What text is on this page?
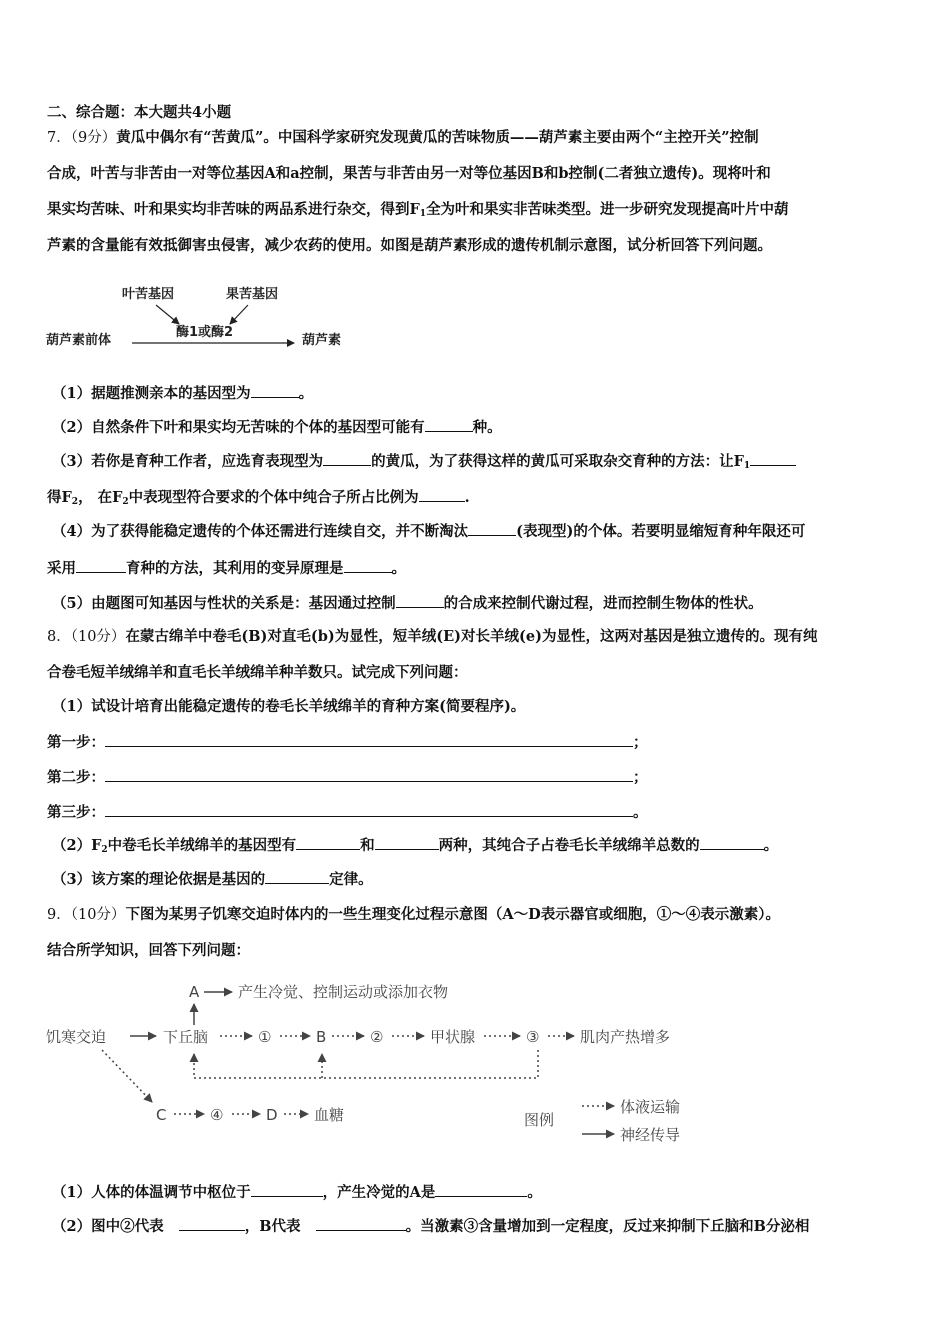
二、综合题：本大题共4小题
7．（9分）黄瓜中偶尔有“苦黄瓜”。中国科学家研究发现黄瓜的苦味物质——葫芦素主要由两个“主控开关”控制
合成，叶苦与非苦由一对等位基因A和a控制，果苦与非苦由另一对等位基因B和b控制(二者独立遗传)。现将叶和
果实均苦味、叶和果实均非苦味的两品系进行杂交，得到$F_1$全为叶和果实非苦味类型。进一步研究发现提高叶片中葫
芦素的含量能有效抵御害虫侵害，减少农药的使用。如图是葫芦素形成的遗传机制示意图，试分析回答下列问题。
叶苦基因	果苦基因
酶1或酶2
葫芦素前体	葫芦素
（1）据题推测亲本的基因型为	。
（2）自然条件下叶和果实均无苦味的个体的基因型可能有	种。
（3）若你是育种工作者，应选育表现型为	的黄瓜，为了获得这样的黄瓜可采取杂交育种的方法：让$F_1$
得$F_2$， 在$F_2$中表现型符合要求的个体中纯合子所占比例为	.
（4）为了获得能稳定遗传的个体还需进行连续自交，并不断淘汰	(表现型)的个体。若要明显缩短育种年限还可
采用	育种的方法，其利用的变异原理是	。
（5）由题图可知基因与性状的关系是：基因通过控制	的合成来控制代谢过程，进而控制生物体的性状。
8．（10分）在蒙古绵羊中卷毛(B)对直毛(b)为显性，短羊绒(E)对长羊绒(e)为显性，这两对基因是独立遗传的。现有纯
合卷毛短羊绒绵羊和直毛长羊绒绵羊种羊数只。试完成下列问题：
（1）试设计培育出能稳定遗传的卷毛长羊绒绵羊的育种方案(简要程序)。
第一步：	；
第二步：	；
第三步：	。
$(2)F_2$中卷毛长羊绒绵羊的基因型有	和	两种，其纯合子占卷毛长羊绒绵羊总数的	。
（3）该方案的理论依据是基因的	定律。
9．（10分）下图为某男子饥寒交迫时体内的一些生理变化过程示意图（A～D表示器官或细胞，①～④表示激素）。
结合所学知识，回答下列问题：
A	产生冷觉、控制运动或添加衣物
饥寒交迫	下丘脑	①	B	②	甲状腺	③	肌肉产热增多
C	④	D 血糖	图例
体液运输
神经传导
（1）人体的体温调节中枢位于	，产生冷觉的A是	。
（2）图中②代表	，B代表	。当激素③含量增加到一定程度，反过来抑制下丘脑和B分泌相
